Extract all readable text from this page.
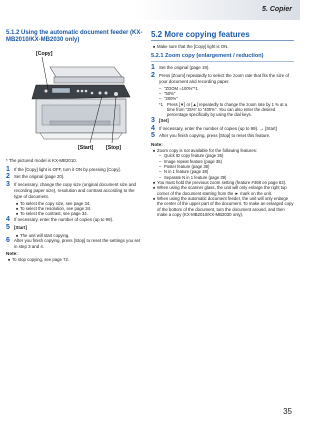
5. Copier
5.1.2 Using the automatic document feeder (KX-MB2010/KX-MB2030 only)
[Copy]
[Start] [Stop]
* The pictured model is KX-MB2010.
1 If the [Copy] light is OFF, turn it ON by pressing [Copy].
2 Set the original (page 20).
3 If necessary, change the copy size (original document size and recording paper size), resolution and contrast according to the type of document.
● To select the copy size, see page 34.
● To select the resolution, see page 34.
● To select the contrast, see page 34.
4 If necessary, enter the number of copies (up to 99).
5 [Start]
● The unit will start copying.
6 After you finish copying, press [Stop] to reset the settings you set in step 3 and 4.
Note:
● To stop copying, see page 72.
5.2 More copying features
● Make sure that the [Copy] light is ON.
5.2.1 Zoom copy (enlargement / reduction)
1 Set the original (page 19).
2 Press [Zoom] repeatedly to select the zoom rate that fits the size of your document and recording paper.
– "ZOOM =100%"*1
– "50%"
– "200%"
*1 Press [▼] or [▲] repeatedly to change the zoom rate by 1 % at a time from "25%" to "400%". You can also enter the desired percentage specifically by using the dial keys.
3 [Set]
4 If necessary, enter the number of copies (up to 99). → [Start]
5 After you finish copying, press [Stop] to reset this feature.
Note:
● Zoom copy is not available for the following features:
– Quick ID copy feature (page 36)
– Image repeat feature (page 36)
– Poster feature (page 38)
– N in 1 feature (page 38)
– Separate N in 1 feature (page 39)
● You must hold the previous zoom setting (feature #468 on page 63).
● When using the scanner glass, the unit will only enlarge the right top corner of the document starting from the ► mark on the unit.
● When using the automatic document feeder, the unit will only enlarge the center of the upper part of the document. To make an enlarged copy of the bottom of the document, turn the document around, and then make a copy (KX-MB2010/KX-MB2030 only).
35
